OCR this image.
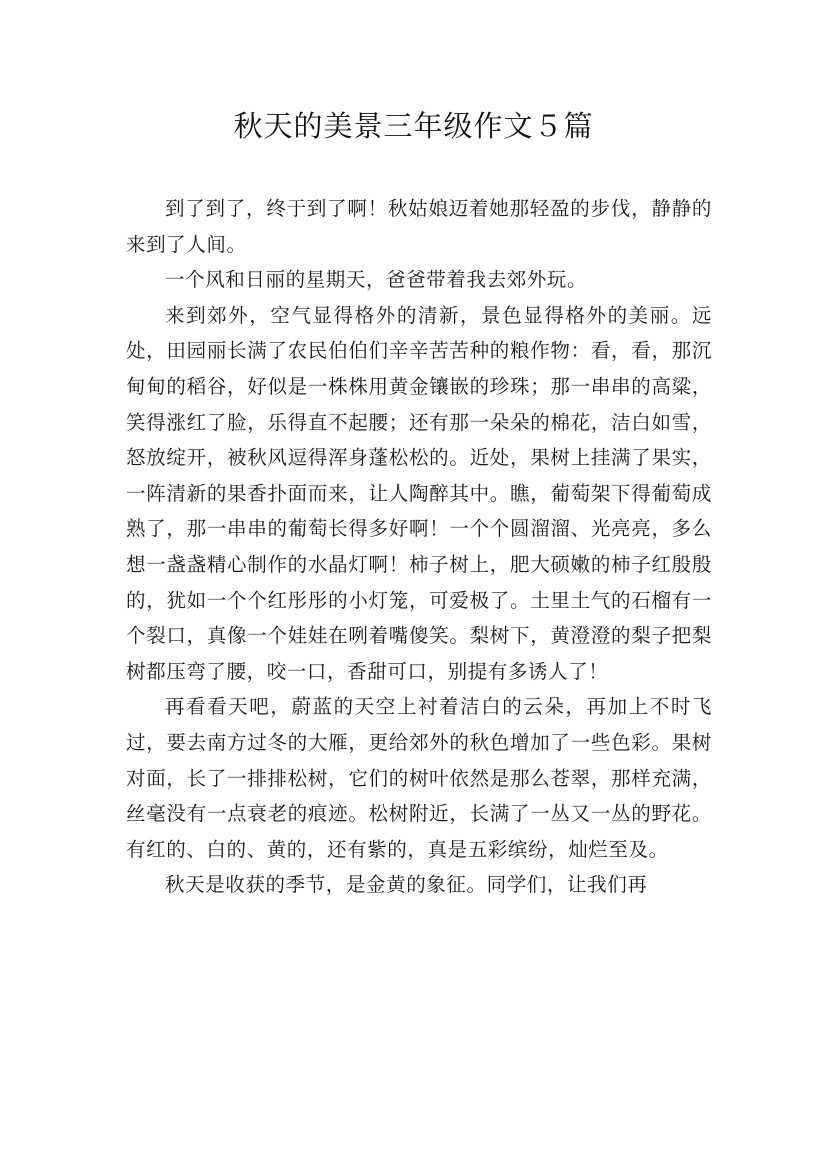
秋天的美景三年级作文５篇

到了到了，终于到了啊！秋姑娘迈着她那轻盈的步伐，静静的来到了人间。

一个风和日丽的星期天，爸爸带着我去郊外玩。

来到郊外，空气显得格外的清新，景色显得格外的美丽。远处，田园丽长满了农民伯伯们辛辛苦苦种的粮作物：看，看，那沉甸甸的稻谷，好似是一株株用黄金镶嵌的珍珠；那一串串的高粱，笑得涨红了脸，乐得直不起腰；还有那一朵朵的棉花，洁白如雪，怒放绽开，被秋风逗得浑身蓬松松的。近处，果树上挂满了果实，一阵清新的果香扑面而来，让人陶醉其中。瞧，葡萄架下得葡萄成熟了，那一串串的葡萄长得多好啊！一个个圆溜溜、光亮亮，多么想一盏盏精心制作的水晶灯啊！柿子树上，肥大硕嫩的柿子红殷殷的，犹如一个个红彤彤的小灯笼，可爱极了。土里土气的石榴有一个裂口，真像一个娃娃在咧着嘴傻笑。梨树下，黄澄澄的梨子把梨树都压弯了腰，咬一口，香甜可口，别提有多诱人了！

再看看天吧，蔚蓝的天空上衬着洁白的云朵，再加上不时飞过，要去南方过冬的大雁，更给郊外的秋色增加了一些色彩。果树对面，长了一排排松树，它们的树叶依然是那么苍翠，那样充满，丝毫没有一点衰老的痕迹。松树附近，长满了一丛又一丛的野花。有红的、白的、黄的，还有紫的，真是五彩缤纷，灿烂至及。

秋天是收获的季节，是金黄的象征。同学们，让我们再
